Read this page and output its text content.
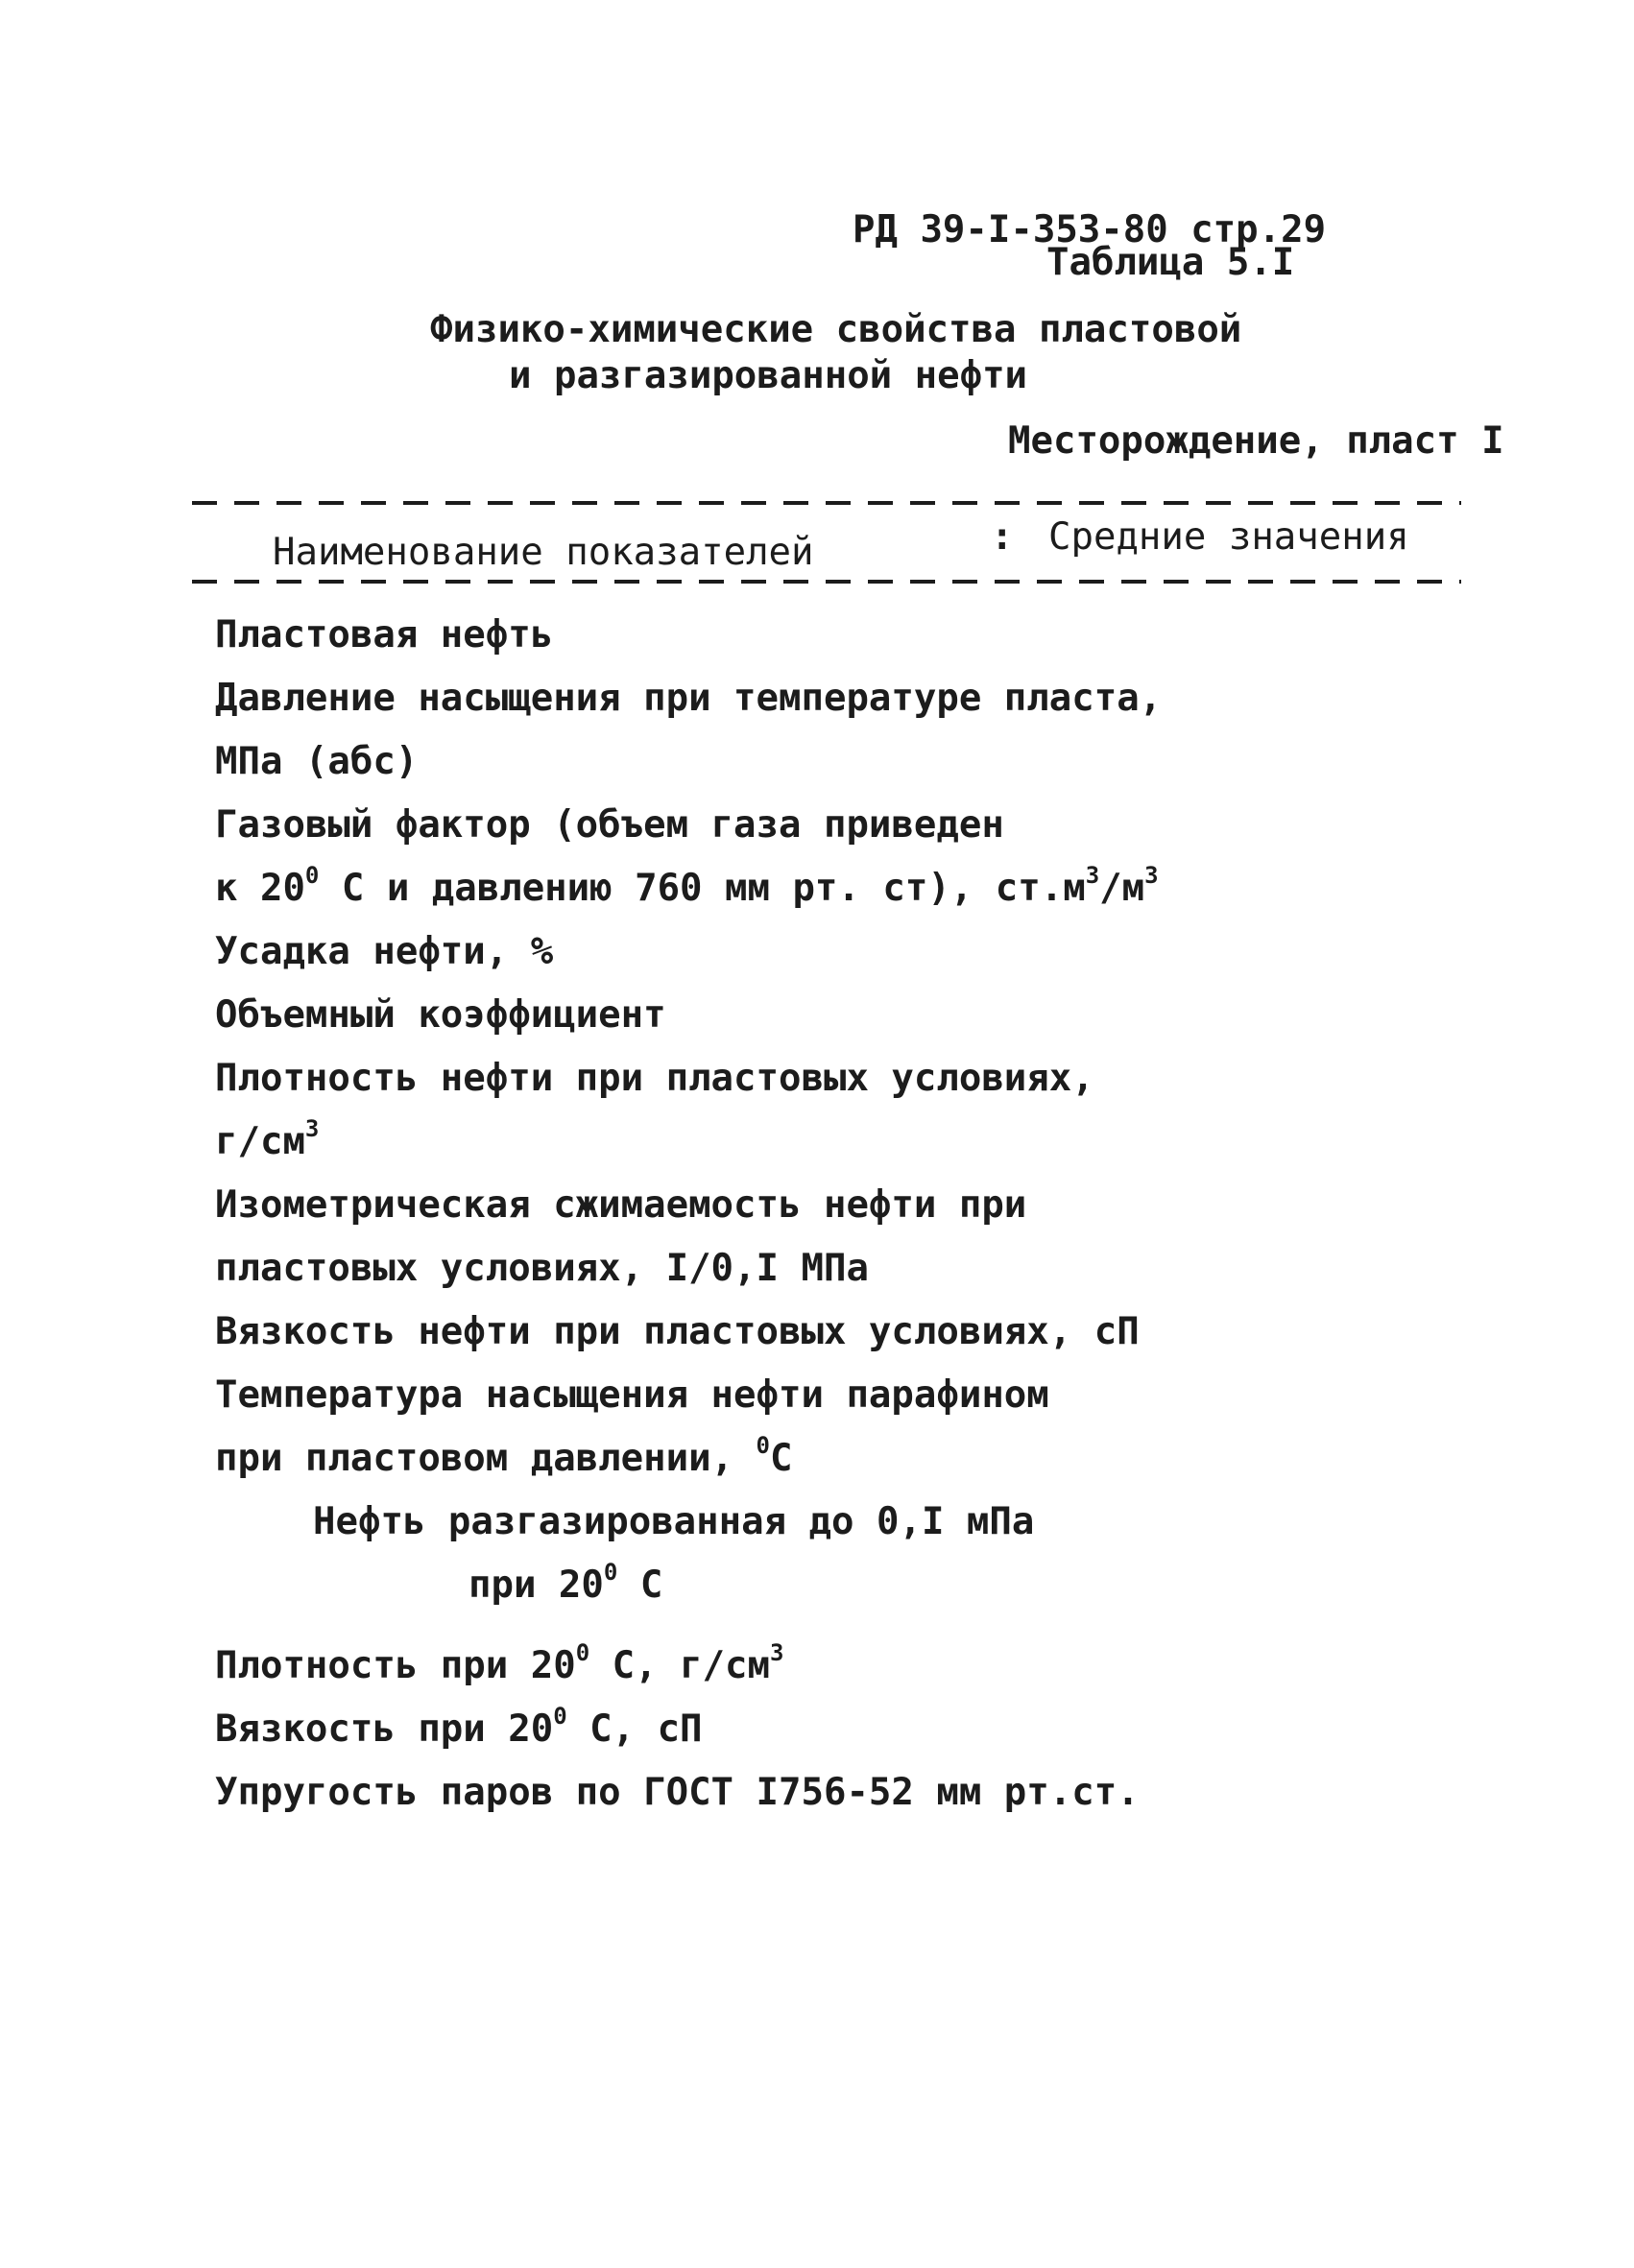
РД 39-I-353-80 стр.29
Таблица 5.I
Физико-химические свойства пластовой
и разгазированной нефти
Месторождение, пласт I
Наименование показателей	: Средние значения
Пластовая нефть
Давление насыщения при температуре пласта,
МПа (абс)
Газовый фактор (объем газа приведен
к $20^0$ С и давлению 760 мм рт. ст), $ст.м^3/м^3$
Усадка нефти, %
Объемный коэффициент
Плотность нефти при пластовых условиях,
$г/см^3$
Изометрическая сжимаемость нефти при
пластовых условиях, I/0,I МПа
Вязкость нефти при пластовых условиях, сП
Температура насыщения нефти парафином
при пластовом давлении, $^0$С
Нефть разгазированная до 0,I мПа
при $20^0$ С
Плотность при $20^0$ С, $г/см^3$
Вязкость при $20^0$ С, сП
Упругость паров по ГОСТ I756-52 мм рт.ст.
